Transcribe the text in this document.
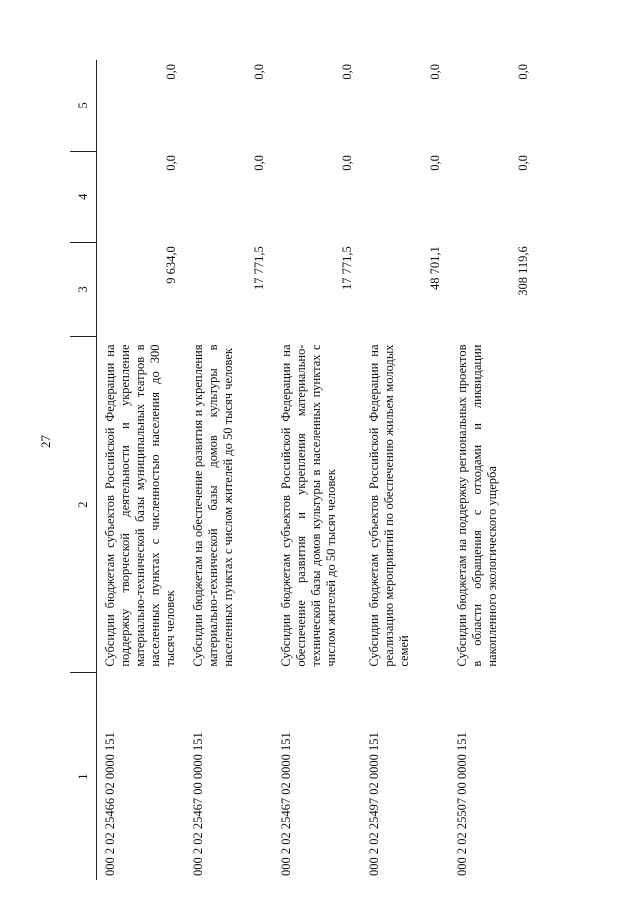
27
1	2	3	4	5
000 2 02 25466 02 0000 151	Субсидии бюджетам субъектов Российской Федерации на поддержку творческой деятельности и укрепление материально-технической базы муниципальных театров в населенных пунктах с численностью населения до 300 тысяч человек	9 634,0	0,0	0,0
000 2 02 25467 00 0000 151	Субсидии бюджетам на обеспечение развития и укрепления материально-технической базы домов культуры в населенных пунктах с числом жителей до 50 тысяч человек	17 771,5	0,0	0,0
000 2 02 25467 02 0000 151	Субсидии бюджетам субъектов Российской Федерации на обеспечение развития и укрепления материально-технической базы домов культуры в населенных пунктах с числом жителей до 50 тысяч человек	17 771,5	0,0	0,0
000 2 02 25497 02 0000 151	Субсидии бюджетам субъектов Российской Федерации на реализацию мероприятий по обеспечению жильем молодых семей	48 701,1	0,0	0,0
000 2 02 25507 00 0000 151	Субсидии бюджетам на поддержку региональных проектов в области обращения с отходами и ликвидации накопленного экологического ущерба	308 119,6	0,0	0,0
